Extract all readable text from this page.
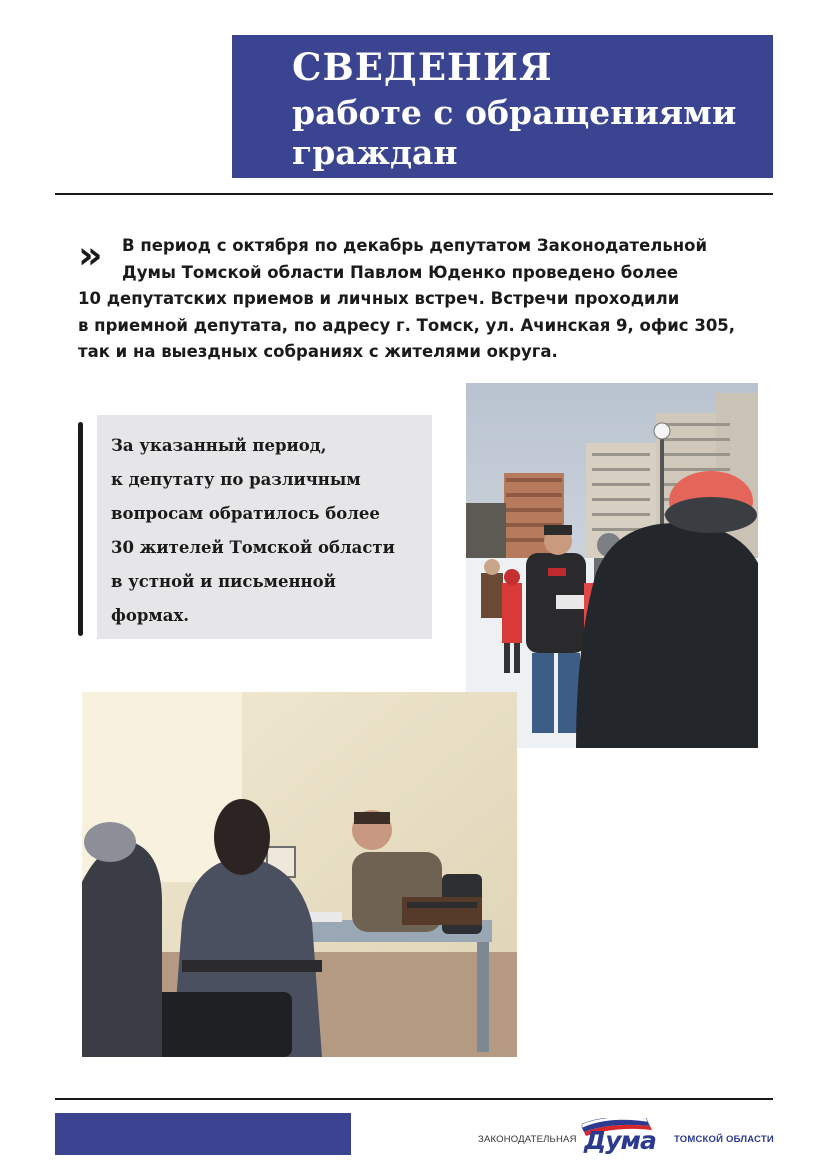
СВЕДЕНИЯ
работе с обращениями
граждан
»	В период с октября по декабрь депутатом Законодательной
Думы Томской области Павлом Юденко проведено более
10 депутатских приемов и личных встреч. Встречи проходили
в приемной депутата, по адресу г. Томск, ул. Ачинская 9, офис 305,
так и на выездных собраниях с жителями округа.
За указанный период,
к депутату по различным
вопросам обратилось более
30 жителей Томской области
в устной и письменной
формах.
ЗАКОНОДАТЕЛЬНАЯ Дума ТОМСКОЙ ОБЛАСТИ
